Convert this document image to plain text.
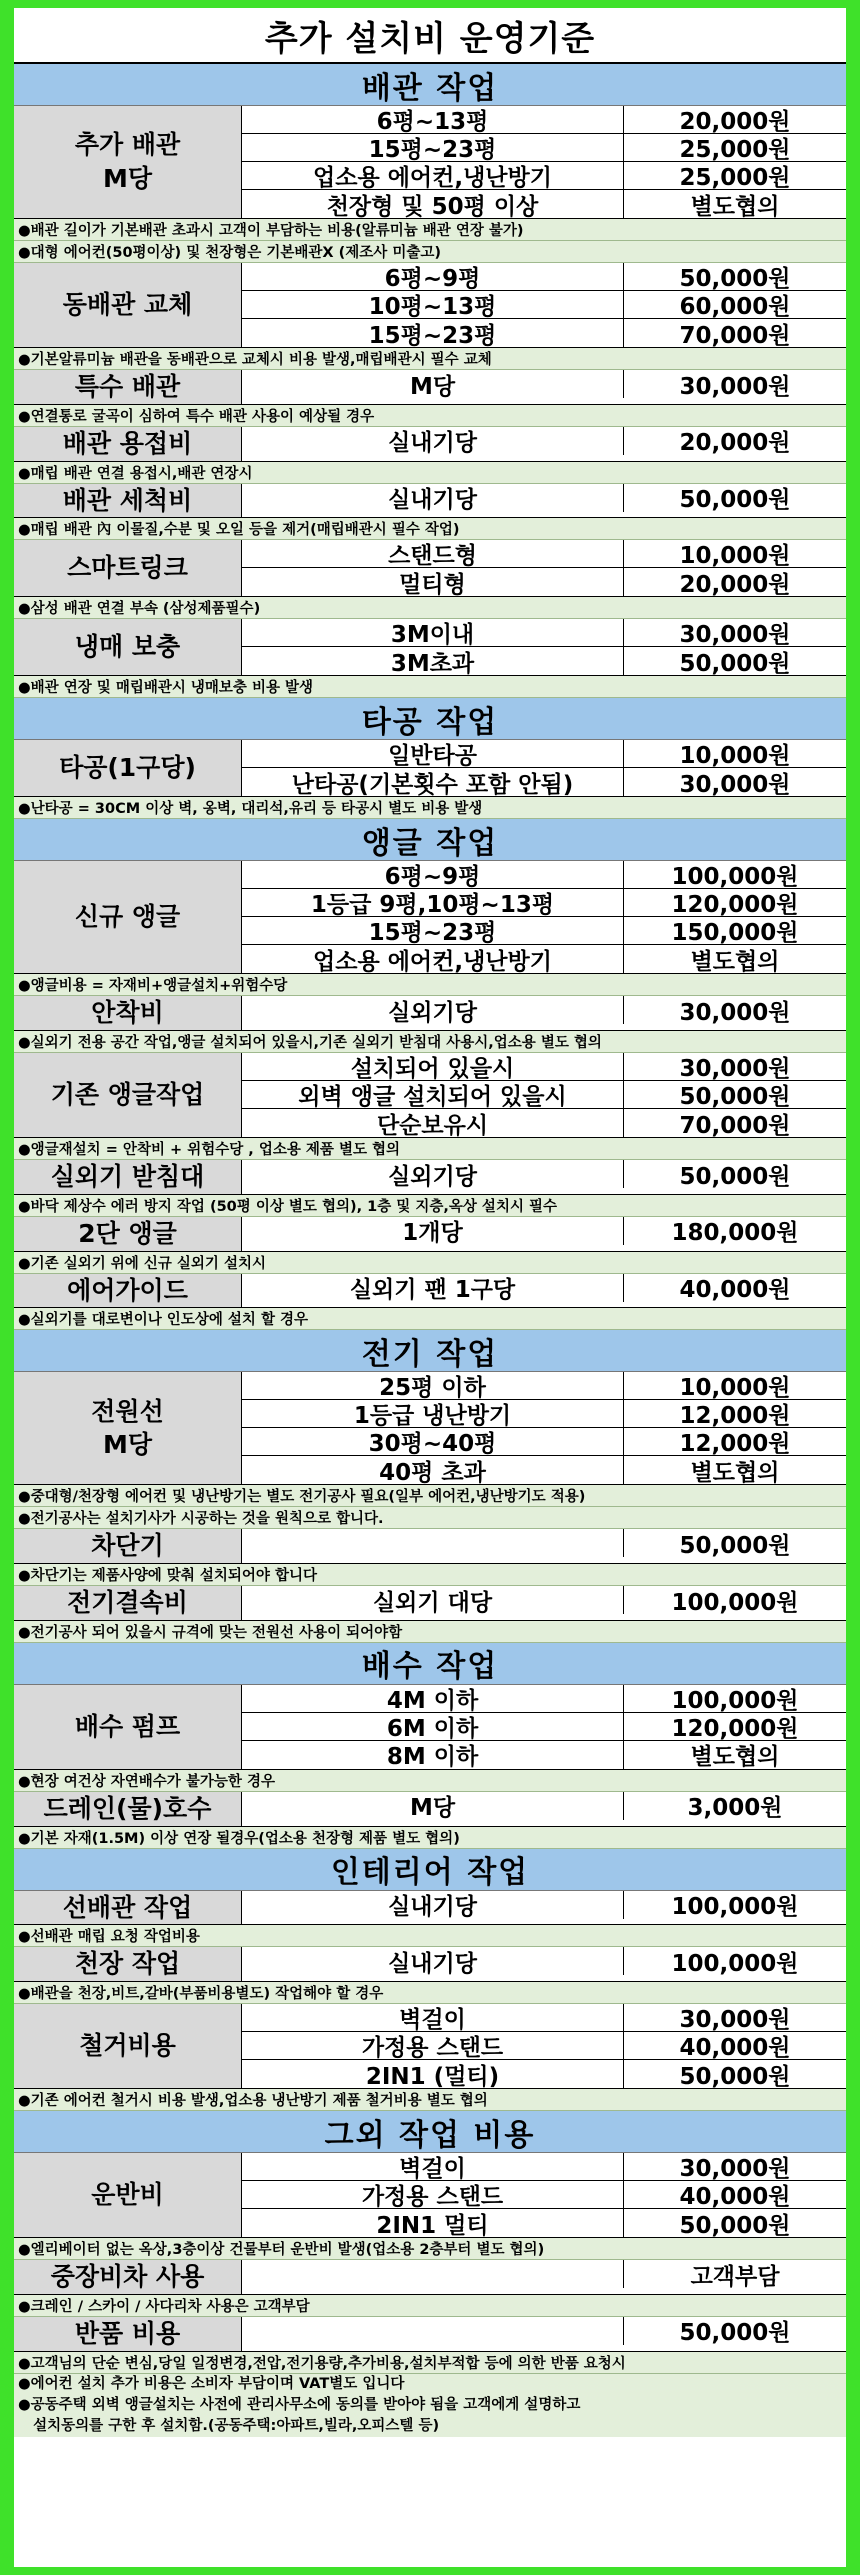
추가 설치비 운영기준
배관 작업
추가 배관
M당
6평~13평	20,000원
15평~23평	25,000원
업소용 에어컨,냉난방기	25,000원
천장형 및 50평 이상	별도협의
●배관 길이가 기본배관 초과시 고객이 부담하는 비용(알류미늄 배관 연장 불가)
●대형 에어컨(50평이상) 및 천장형은 기본배관X (제조사 미출고)
동배관 교체
6평~9평	50,000원
10평~13평	60,000원
15평~23평	70,000원
●기본알류미늄 배관을 동배관으로 교체시 비용 발생,매립배관시 필수 교체
특수 배관	M당	30,000원
●연결통로 굴곡이 심하여 특수 배관 사용이 예상될 경우
배관 용접비	실내기당	20,000원
●매립 배관 연결 용접시,배관 연장시
배관 세척비	실내기당	50,000원
●매립 배관 內 이물질,수분 및 오일 등을 제거(매립배관시 필수 작업)
스마트링크	스탠드형	10,000원
멀티형	20,000원
●삼성 배관 연결 부속 (삼성제품필수)
냉매 보충	3M이내	30,000원
3M초과	50,000원
●배관 연장 및 매립배관시 냉매보충 비용 발생
타공 작업
타공(1구당)	일반타공	10,000원
난타공(기본횟수 포함 안됨)	30,000원
●난타공 = 30CM 이상 벽, 옹벽, 대리석,유리 등 타공시 별도 비용 발생
앵글 작업
신규 앵글
6평~9평	100,000원
1등급 9평,10평~13평	120,000원
15평~23평	150,000원
업소용 에어컨,냉난방기	별도협의
●앵글비용 = 자재비+앵글설치+위험수당
안착비	실외기당	30,000원
●실외기 전용 공간 작업,앵글 설치되어 있을시,기존 실외기 받침대 사용시,업소용 별도 협의
기존 앵글작업
설치되어 있을시	30,000원
외벽 앵글 설치되어 있을시	50,000원
단순보유시	70,000원
●앵글재설치 = 안착비 + 위험수당 , 업소용 제품 별도 협의
실외기 받침대	실외기당	50,000원
●바닥 제상수 에러 방지 작업 (50평 이상 별도 협의), 1층 및 지층,옥상 설치시 필수
2단 앵글	1개당	180,000원
●기존 실외기 위에 신규 실외기 설치시
에어가이드	실외기 팬 1구당	40,000원
●실외기를 대로변이나 인도상에 설치 할 경우
전기 작업
전원선
M당
25평 이하	10,000원
1등급 냉난방기	12,000원
30평~40평	12,000원
40평 초과	별도협의
●중대형/천장형 에어컨 및 냉난방기는 별도 전기공사 필요(일부 에어컨,냉난방기도 적용)
●전기공사는 설치기사가 시공하는 것을 원칙으로 합니다.
차단기	50,000원
●차단기는 제품사양에 맞춰 설치되어야 합니다
전기결속비	실외기 대당	100,000원
●전기공사 되어 있을시 규격에 맞는 전원선 사용이 되어야함
배수 작업
배수 펌프
4M 이하	100,000원
6M 이하	120,000원
8M 이하	별도협의
●현장 여건상 자연배수가 불가능한 경우
드레인(물)호수	M당	3,000원
●기본 자재(1.5M) 이상 연장 될경우(업소용 천장형 제품 별도 협의)
인테리어 작업
선배관 작업	실내기당	100,000원
●선배관 매립 요청 작업비용
천장 작업	실내기당	100,000원
●배관을 천장,비트,갈바(부품비용별도) 작업해야 할 경우
철거비용
벽걸이	30,000원
가정용 스탠드	40,000원
2IN1 (멀티)	50,000원
●기존 에어컨 철거시 비용 발생,업소용 냉난방기 제품 철거비용 별도 협의
그외 작업 비용
운반비
벽걸이	30,000원
가정용 스탠드	40,000원
2IN1 멀티	50,000원
●엘리베이터 없는 옥상,3층이상 건물부터 운반비 발생(업소용 2층부터 별도 협의)
중장비차 사용	고객부담
●크레인 / 스카이 / 사다리차 사용은 고객부담
반품 비용	50,000원
●고객님의 단순 변심,당일 일정변경,전압,전기용량,추가비용,설치부적합 등에 의한 반품 요청시
●에어컨 설치 추가 비용은 소비자 부담이며 VAT별도 입니다
●공동주택 외벽 앵글설치는 사전에 관리사무소에 동의를 받아야 됨을 고객에게 설명하고
설치동의를 구한 후 설치함.(공동주택:아파트,빌라,오피스텔 등)
